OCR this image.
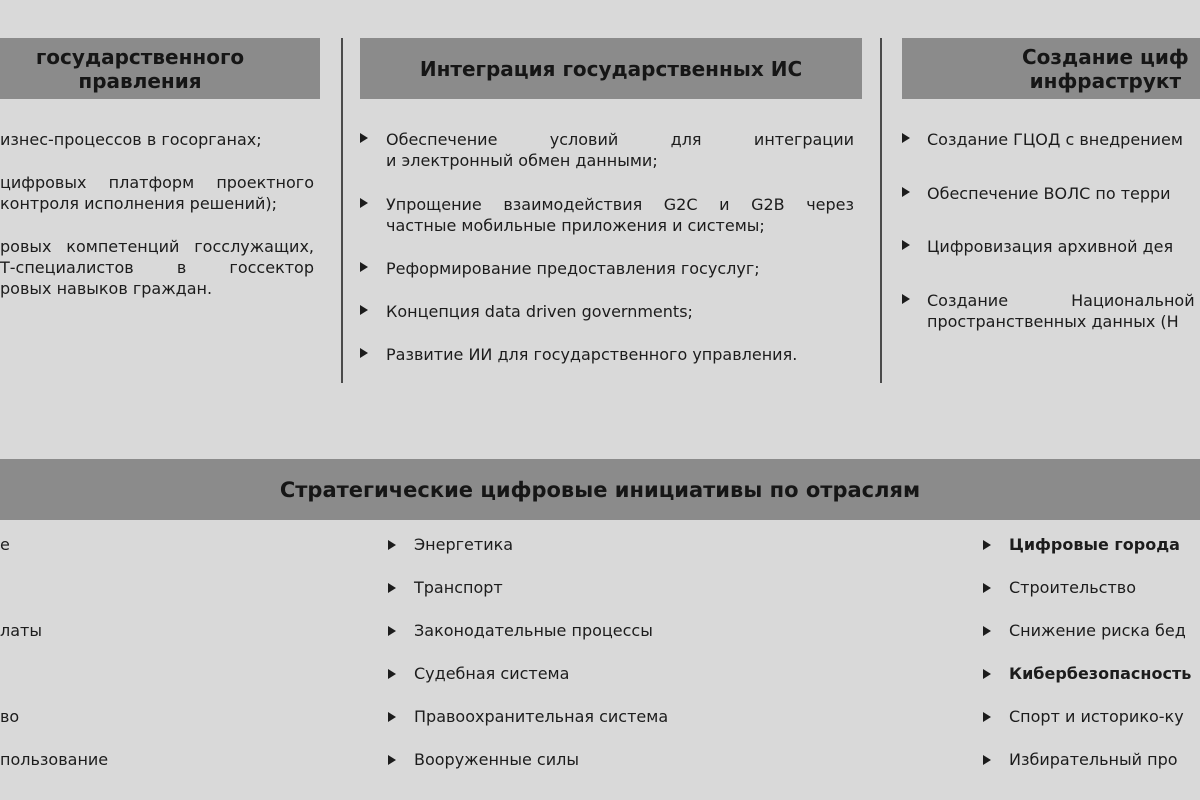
государственного
правления	Интеграция государственных ИС	Создание циф
инфраструкт
изнес-процессов в госорганах;
цифровых платформ проектного
контроля исполнения решений);
ровых компетенций госслужащих,
Т-специалистов в госсектор
ровых навыков граждан.
Обеспечение условий для интеграции
и электронный обмен данными;
Упрощение взаимодействия G2C и G2B через
частные мобильные приложения и системы;
Реформирование предоставления госуслуг;
Концепция data driven governments;
Развитие ИИ для государственного управления.
Создание ГЦОД с внедрением
Обеспечение ВОЛС по терри
Цифровизация архивной дея
Создание Национальной
пространственных данных (Н
Стратегические цифровые инициативы по отраслям
е
латы
во
пользование
Энергетика
Транспорт
Законодательные процессы
Судебная система
Правоохранительная система
Вооруженные силы
Цифровые города
Строительство
Снижение риска бед
Кибербезопасность
Спорт и историко-ку
Избирательный про
